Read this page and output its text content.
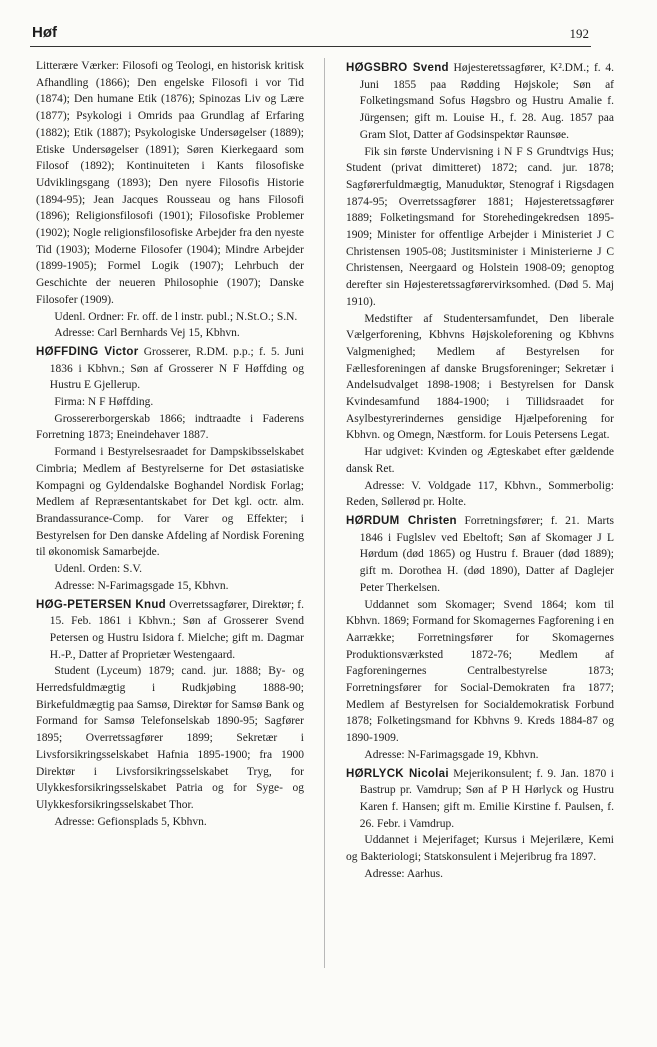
Høf	192

Litterære Værker: Filosofi og Teologi, en historisk kritisk Afhandling (1866); Den engelske Filosofi i vor Tid (1874); Den humane Etik (1876); Spinozas Liv og Lære (1877); Psykologi i Omrids paa Grundlag af Erfaring (1882); Etik (1887); Psykologiske Undersøgelser (1889); Etiske Undersøgelser (1891); Søren Kierkegaard som Filosof (1892); Kontinuiteten i Kants filosofiske Udviklingsgang (1893); Den nyere Filosofis Historie (1894-95); Jean Jacques Rousseau og hans Filosofi (1896); Religionsfilosofi (1901); Filosofiske Problemer (1902); Nogle religionsfilosofiske Arbejder fra den nyeste Tid (1903); Moderne Filosofer (1904); Mindre Arbejder (1899-1905); Formel Logik (1907); Lehrbuch der Geschichte der neueren Philosophie (1907); Danske Filosofer (1909).

Udenl. Ordner: Fr. off. de l instr. publ.; N.St.O.; S.N.

Adresse: Carl Bernhards Vej 15, Kbhvn.

HØFFDING Victor Grosserer, R.DM. p.p.; f. 5. Juni 1836 i Kbhvn.; Søn af Grosserer N F Høffding og Hustru E Gjellerup.

Firma: N F Høffding.

Grossererborgerskab 1866; indtraadte i Faderens Forretning 1873; Eneindehaver 1887.

Formand i Bestyrelsesraadet for Dampskibsselskabet Cimbria; Medlem af Bestyrelserne for Det østasiatiske Kompagni og Gyldendalske Boghandel Nordisk Forlag; Medlem af Repræsentantskabet for Det kgl. octr. alm. Brandassurance-Comp. for Varer og Effekter; i Bestyrelsen for Den danske Afdeling af Nordisk Forening til økonomisk Samarbejde.

Udenl. Orden: S.V.

Adresse: N-Farimagsgade 15, Kbhvn.

HØG-PETERSEN Knud Overretssagfører, Direktør; f. 15. Feb. 1861 i Kbhvn.; Søn af Grosserer Svend Petersen og Hustru Isidora f. Mielche; gift m. Dagmar H.-P., Datter af Proprietær Westengaard.

Student (Lyceum) 1879; cand. jur. 1888; By- og Herredsfuldmægtig i Rudkjøbing 1888-90; Birkefuldmægtig paa Samsø, Direktør for Samsø Bank og Formand for Samsø Telefonselskab 1890-95; Sagfører 1895; Overretssagfører 1899; Sekretær i Livsforsikringsselskabet Hafnia 1895-1900; fra 1900 Direktør i Livsforsikringsselskabet Tryg, for Ulykkesforsikringsselskabet Patria og for Syge- og Ulykkesforsikringsselskabet Thor.

Adresse: Gefionsplads 5, Kbhvn.

HØGSBRO Svend Højesteretssagfører, K².DM.; f. 4. Juni 1855 paa Rødding Højskole; Søn af Folketingsmand Sofus Høgsbro og Hustru Amalie f. Jürgensen; gift m. Louise H., f. 28. Aug. 1857 paa Gram Slot, Datter af Godsinspektør Raunsøe.

Fik sin første Undervisning i N F S Grundtvigs Hus; Student (privat dimitteret) 1872; cand. jur. 1878; Sagførerfuldmægtig, Manuduktør, Stenograf i Rigsdagen 1874-95; Overretssagfører 1881; Højesteretssagfører 1889; Folketingsmand for Storehedingekredsen 1895-1909; Minister for offentlige Arbejder i Ministeriet J C Christensen 1905-08; Justitsminister i Ministerierne J C Christensen, Neergaard og Holstein 1908-09; genoptog derefter sin Højesteretssagførervirksomhed. (Død 5. Maj 1910).

Medstifter af Studentersamfundet, Den liberale Vælgerforening, Kbhvns Højskoleforening og Kbhvns Valgmenighed; Medlem af Bestyrelsen for Fællesforeningen af danske Brugsforeninger; Sekretær i Andelsudvalget 1898-1908; i Bestyrelsen for Dansk Kvindesamfund 1884-1900; i Tillidsraadet for Asylbestyrerindernes gensidige Hjælpeforening for Kbhvn. og Omegn, Næstform. for Louis Petersens Legat.

Har udgivet: Kvinden og Ægteskabet efter gældende dansk Ret.

Adresse: V. Voldgade 117, Kbhvn., Sommerbolig: Reden, Søllerød pr. Holte.

HØRDUM Christen Forretningsfører; f. 21. Marts 1846 i Fuglslev ved Ebeltoft; Søn af Skomager J L Hørdum (død 1865) og Hustru f. Brauer (død 1889); gift m. Dorothea H. (død 1890), Datter af Daglejer Peter Therkelsen.

Uddannet som Skomager; Svend 1864; kom til Kbhvn. 1869; Formand for Skomagernes Fagforening i en Aarrække; Forretningsfører for Skomagernes Produktionsværksted 1872-76; Medlem af Fagforeningernes Centralbestyrelse 1873; Forretningsfører for Social-Demokraten fra 1877; Medlem af Bestyrelsen for Socialdemokratisk Forbund 1878; Folketingsmand for Kbhvns 9. Kreds 1884-87 og 1890-1909.

Adresse: N-Farimagsgade 19, Kbhvn.

HØRLYCK Nicolai Mejerikonsulent; f. 9. Jan. 1870 i Bastrup pr. Vamdrup; Søn af P H Hørlyck og Hustru Karen f. Hansen; gift m. Emilie Kirstine f. Paulsen, f. 26. Febr. i Vamdrup.

Uddannet i Mejerifaget; Kursus i Mejerilære, Kemi og Bakteriologi; Statskonsulent i Mejeribrug fra 1897.

Adresse: Aarhus.
